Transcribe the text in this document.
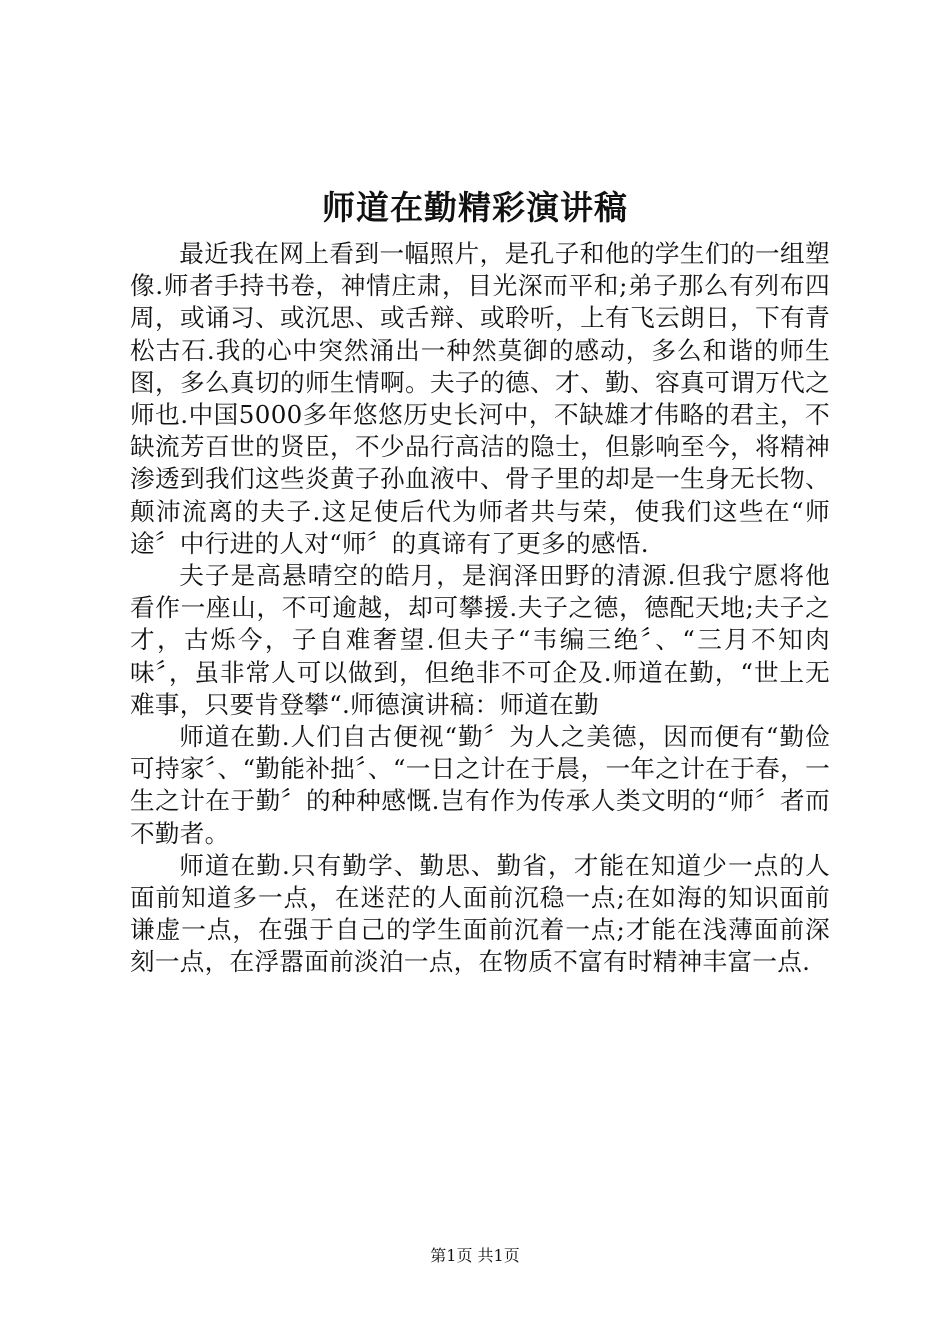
师道在勤精彩演讲稿

最近我在网上看到一幅照片，是孔子和他的学生们的一组塑像.师者手持书卷，神情庄肃，目光深而平和;弟子那么有列布四周，或诵习、或沉思、或舌辩、或聆听，上有飞云朗日，下有青松古石.我的心中突然涌出一种然莫御的感动，多么和谐的师生图，多么真切的师生情啊。夫子的德、才、勤、容真可谓万代之师也.中国5000多年悠悠历史长河中，不缺雄才伟略的君主，不缺流芳百世的贤臣，不少品行高洁的隐士，但影响至今，将精神渗透到我们这些炎黄子孙血液中、骨子里的却是一生身无长物、颠沛流离的夫子.这足使后代为师者共与荣，使我们这些在“师途〞中行进的人对“师〞的真谛有了更多的感悟.

夫子是高悬晴空的皓月，是润泽田野的清源.但我宁愿将他看作一座山，不可逾越，却可攀援.夫子之德，德配天地;夫子之才，古烁今，子自难奢望.但夫子“韦编三绝〞、“三月不知肉味〞，虽非常人可以做到，但绝非不可企及.师道在勤，“世上无难事，只要肯登攀“.师德演讲稿：师道在勤

师道在勤.人们自古便视“勤〞为人之美德，因而便有“勤俭可持家〞、“勤能补拙〞、“一日之计在于晨，一年之计在于春，一生之计在于勤〞的种种感慨.岂有作为传承人类文明的“师〞者而不勤者。

师道在勤.只有勤学、勤思、勤省，才能在知道少一点的人面前知道多一点，在迷茫的人面前沉稳一点;在如海的知识面前谦虚一点，在强于自己的学生面前沉着一点;才能在浅薄面前深刻一点，在浮嚣面前淡泊一点，在物质不富有时精神丰富一点.

第1页 共1页
